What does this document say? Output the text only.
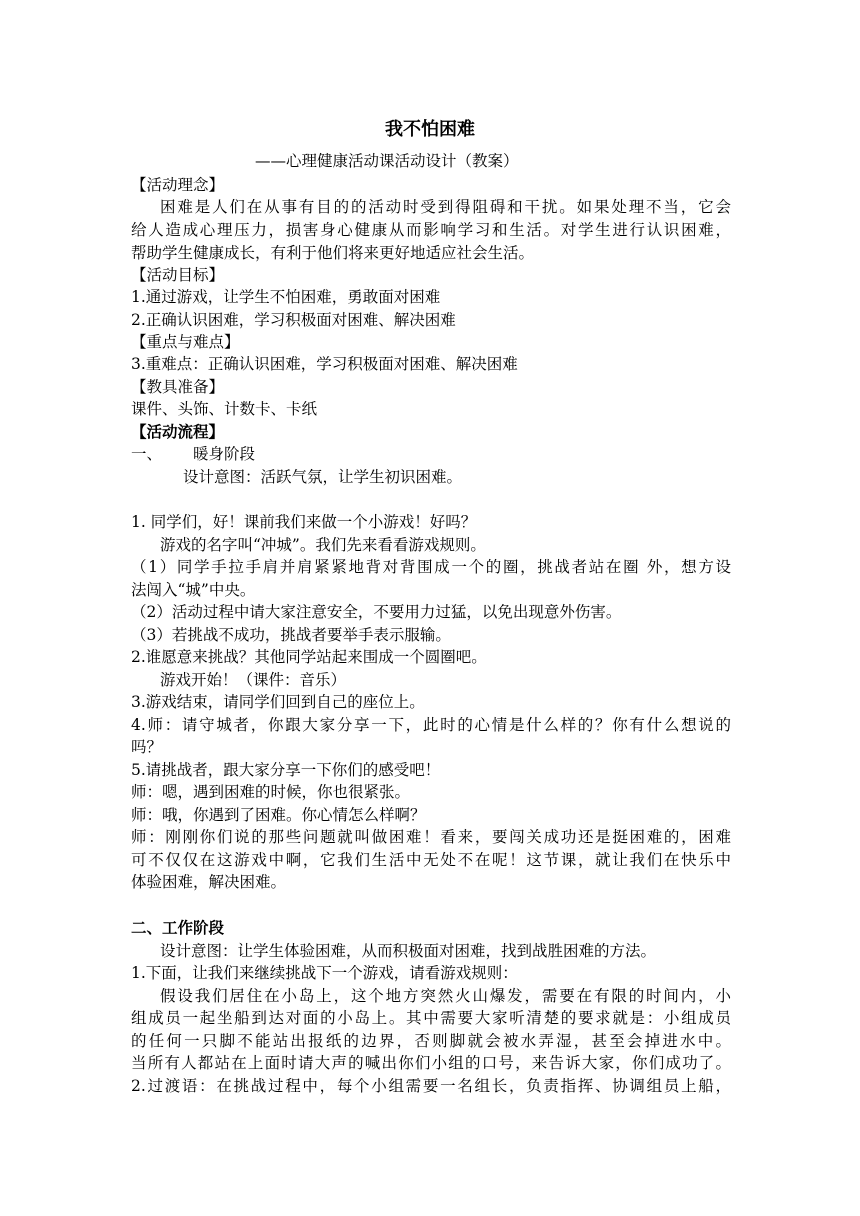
我不怕困难
——心理健康活动课活动设计（教案）
【活动理念】
困难是人们在从事有目的的活动时受到得阻碍和干扰。如果处理不当，它会
给人造成心理压力，损害身心健康从而影响学习和生活。对学生进行认识困难，
帮助学生健康成长，有利于他们将来更好地适应社会生活。
【活动目标】
1.通过游戏，让学生不怕困难，勇敢面对困难
2.正确认识困难，学习积极面对困难、解决困难
【重点与难点】
3.重难点：正确认识困难，学习积极面对困难、解决困难
【教具准备】
课件、头饰、计数卡、卡纸
【活动流程】
一、 暖身阶段
设计意图：活跃气氛，让学生初识困难。
1. 同学们，好！课前我们来做一个小游戏！好吗？
游戏的名字叫“冲城”。我们先来看看游戏规则。
（1）同学手拉手肩并肩紧紧地背对背围成一个的圈，挑战者站在圈 外，想方设
法闯入“城”中央。
（2）活动过程中请大家注意安全，不要用力过猛，以免出现意外伤害。
（3）若挑战不成功，挑战者要举手表示服输。
2.谁愿意来挑战？其他同学站起来围成一个圆圈吧。
游戏开始！（课件：音乐）
3.游戏结束，请同学们回到自己的座位上。
4.师：请守城者，你跟大家分享一下，此时的心情是什么样的？你有什么想说的
吗？
5.请挑战者，跟大家分享一下你们的感受吧！
师：嗯，遇到困难的时候，你也很紧张。
师：哦，你遇到了困难。你心情怎么样啊？
师：刚刚你们说的那些问题就叫做困难！看来，要闯关成功还是挺困难的，困难
可不仅仅在这游戏中啊，它我们生活中无处不在呢！这节课，就让我们在快乐中
体验困难，解决困难。
二、工作阶段
设计意图：让学生体验困难，从而积极面对困难，找到战胜困难的方法。
1.下面，让我们来继续挑战下一个游戏，请看游戏规则：
假设我们居住在小岛上，这个地方突然火山爆发，需要在有限的时间内，小
组成员一起坐船到达对面的小岛上。其中需要大家听清楚的要求就是：小组成员
的任何一只脚不能站出报纸的边界，否则脚就会被水弄湿，甚至会掉进水中。
当所有人都站在上面时请大声的喊出你们小组的口号，来告诉大家，你们成功了。
2.过渡语：在挑战过程中，每个小组需要一名组长，负责指挥、协调组员上船，
